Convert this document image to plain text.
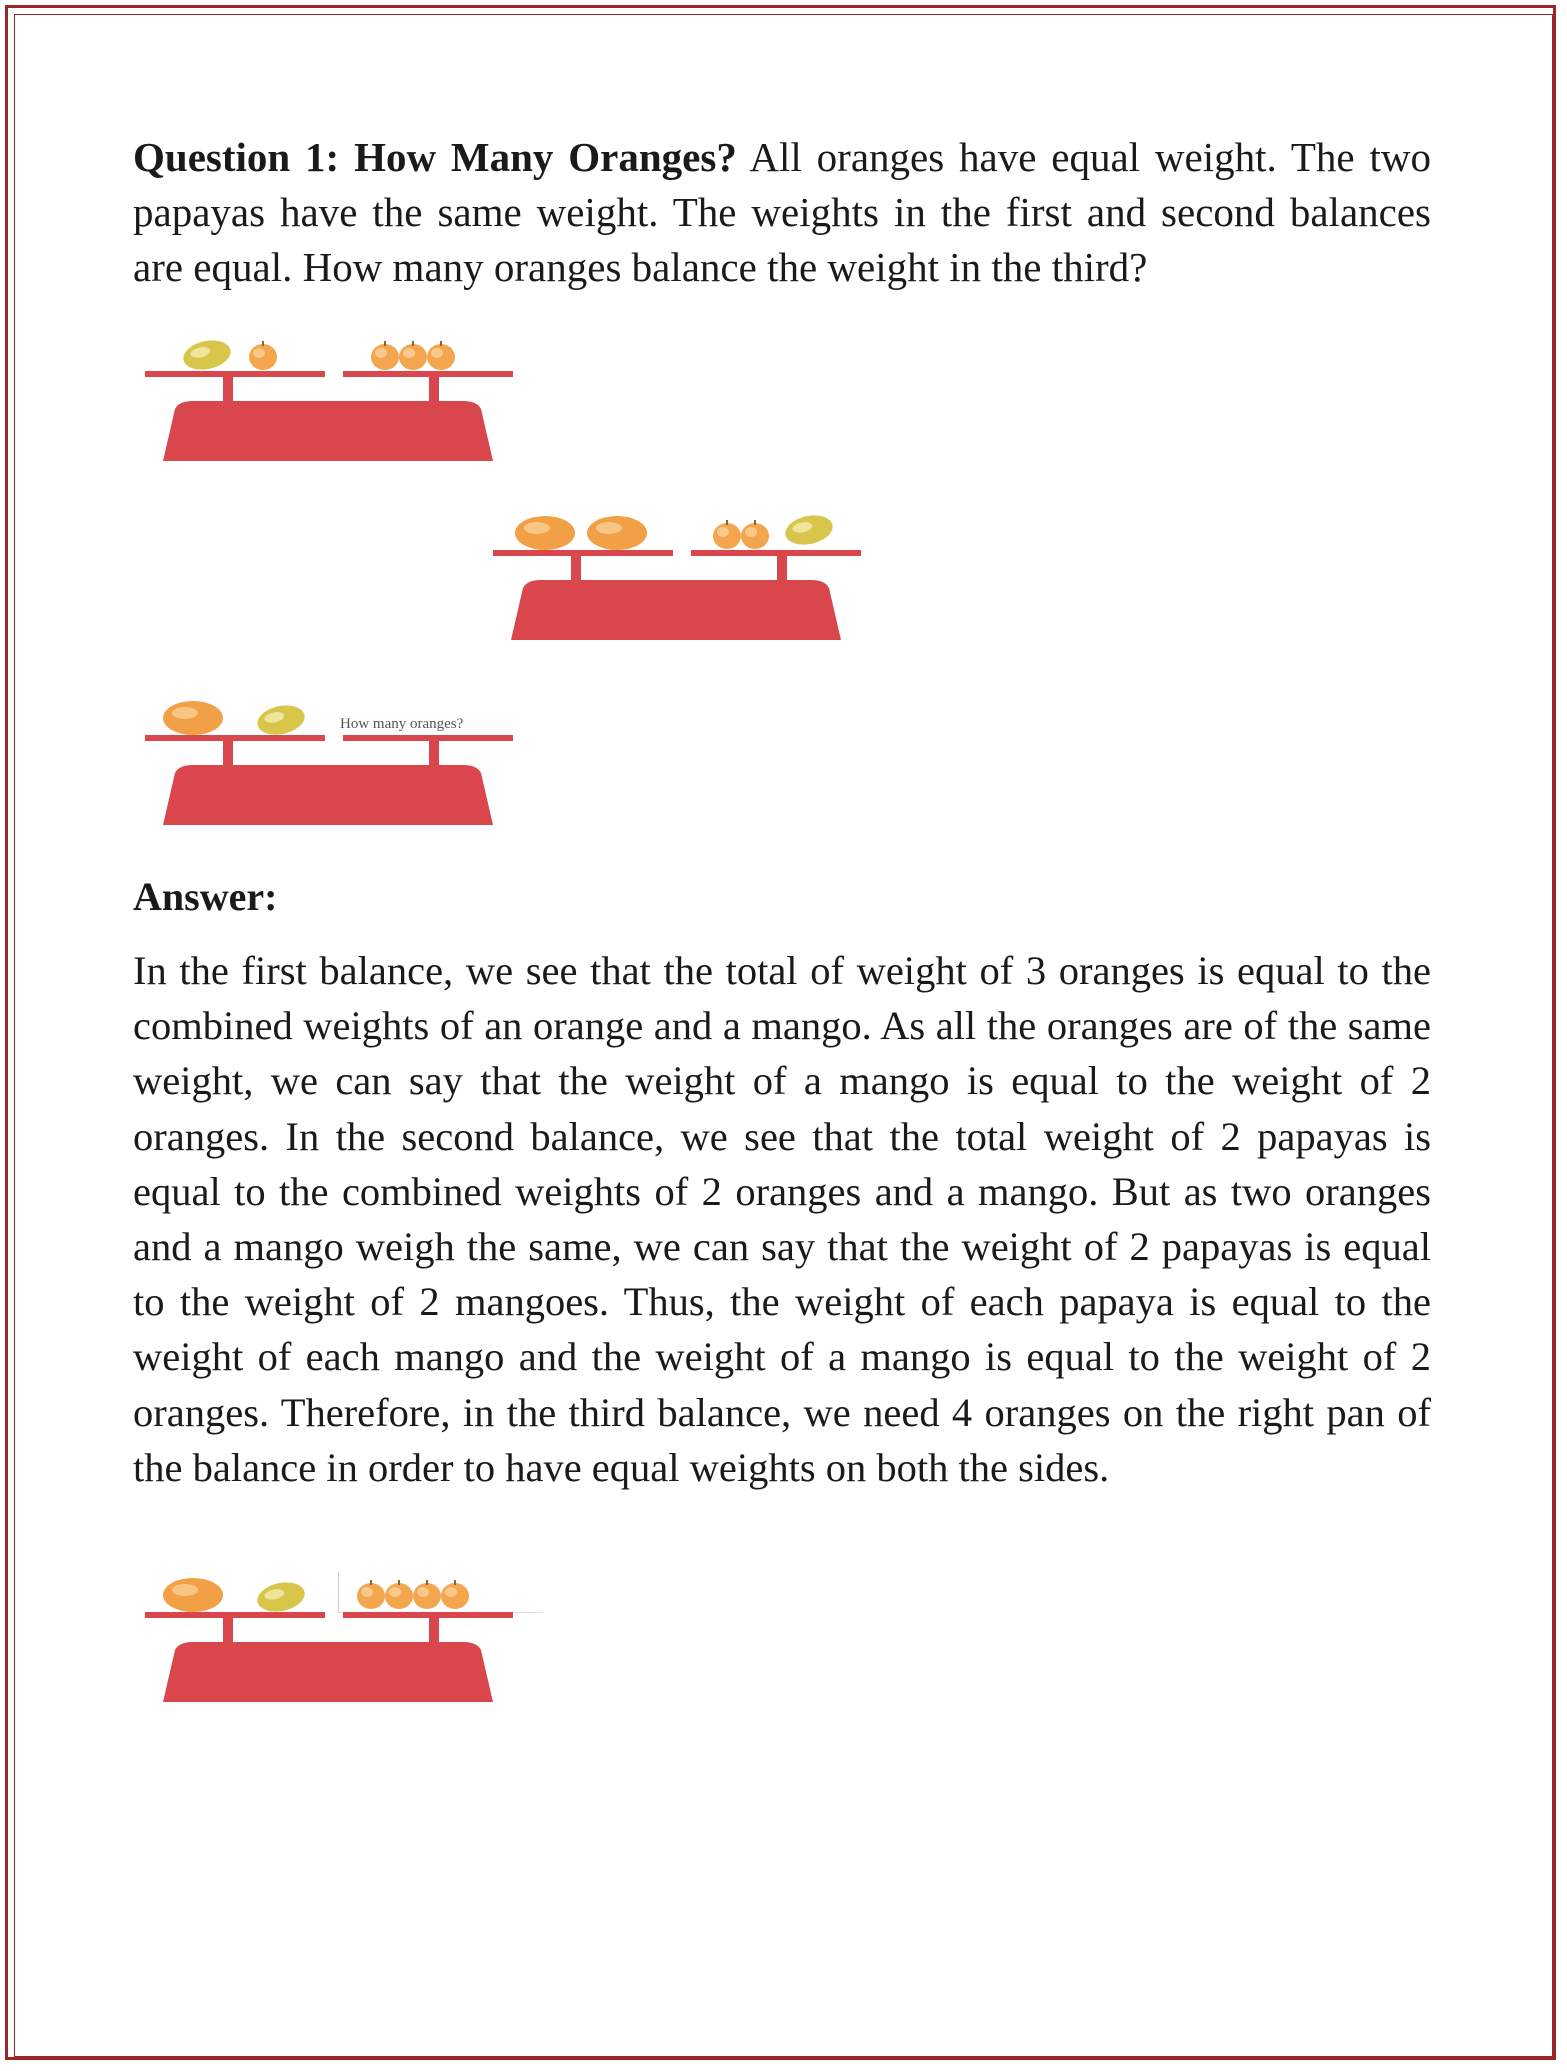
Question 1: How Many Oranges? All oranges have equal weight. The two papayas have the same weight. The weights in the first and second balances are equal. How many oranges balance the weight in the third?

How many oranges?

Answer:

In the first balance, we see that the total of weight of 3 oranges is equal to the combined weights of an orange and a mango. As all the oranges are of the same weight, we can say that the weight of a mango is equal to the weight of 2 oranges. In the second balance, we see that the total weight of 2 papayas is equal to the combined weights of 2 oranges and a mango. But as two oranges and a mango weigh the same, we can say that the weight of 2 papayas is equal to the weight of 2 mangoes. Thus, the weight of each papaya is equal to the weight of each mango and the weight of a mango is equal to the weight of 2 oranges. Therefore, in the third balance, we need 4 oranges on the right pan of the balance in order to have equal weights on both the sides.
